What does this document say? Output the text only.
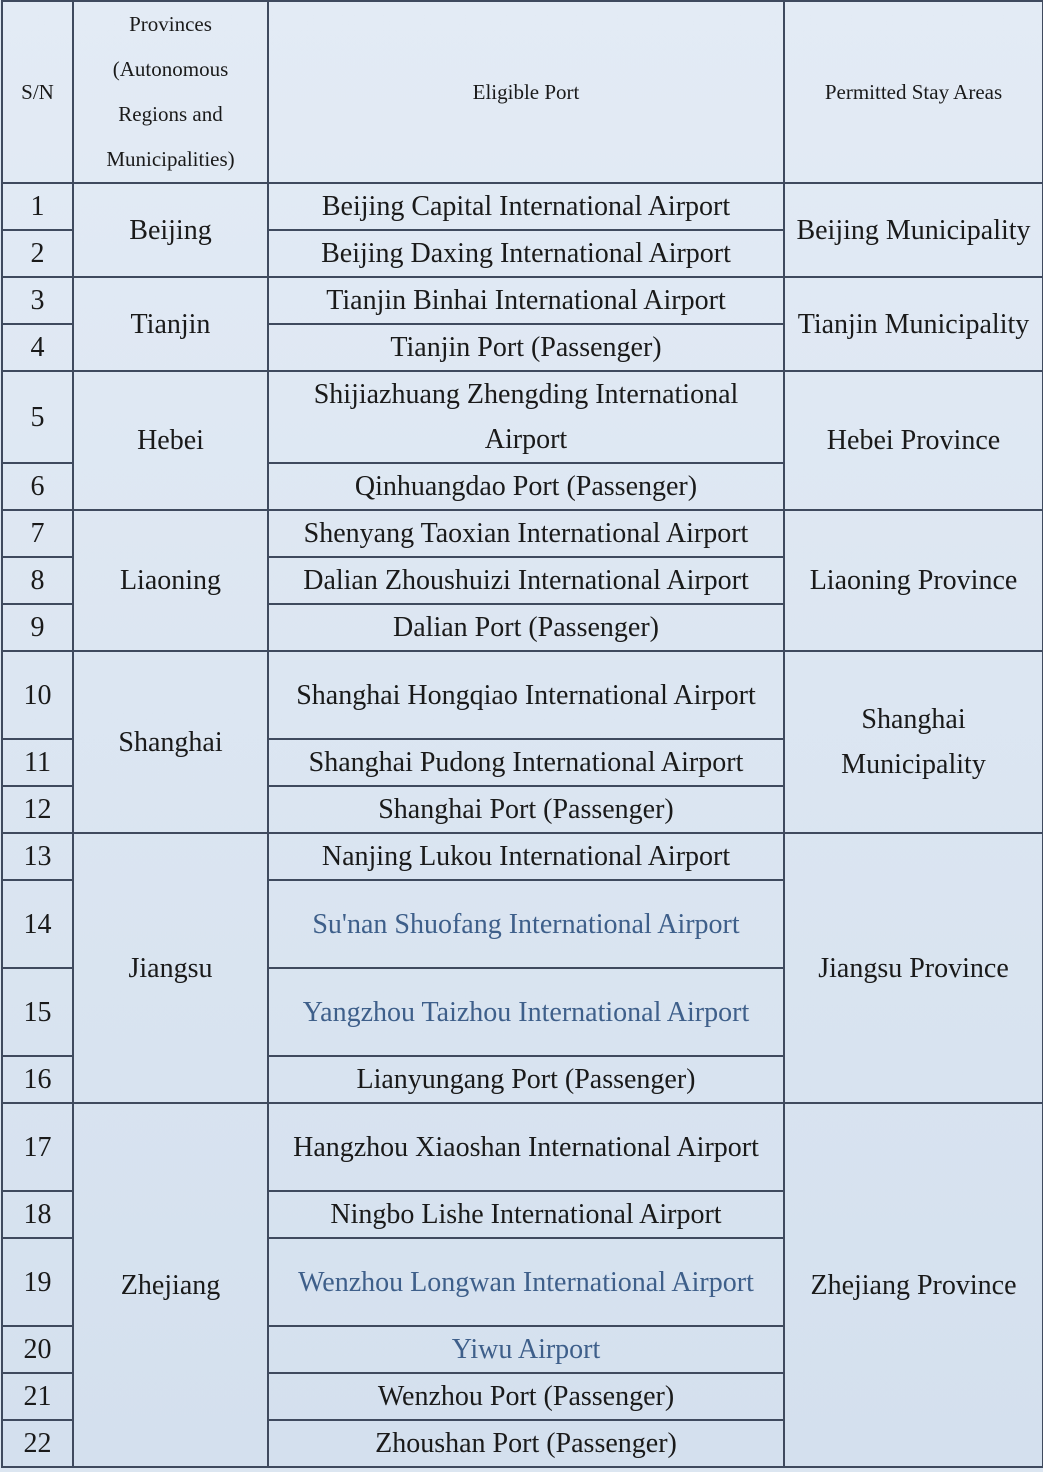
S/N	Provinces (Autonomous Regions and Municipalities)	Eligible Port	Permitted Stay Areas
1	Beijing	Beijing Capital International Airport	Beijing Municipality
2		Beijing Daxing International Airport	
3	Tianjin	Tianjin Binhai International Airport	Tianjin Municipality
4		Tianjin Port (Passenger)	
5	Hebei	Shijiazhuang Zhengding International Airport	Hebei Province
6		Qinhuangdao Port (Passenger)	
7	Liaoning	Shenyang Taoxian International Airport	Liaoning Province
8		Dalian Zhoushuizi International Airport	
9		Dalian Port (Passenger)	
10	Shanghai	Shanghai Hongqiao International Airport	Shanghai Municipality
11		Shanghai Pudong International Airport	
12		Shanghai Port (Passenger)	
13	Jiangsu	Nanjing Lukou International Airport	Jiangsu Province
14		Su'nan Shuofang International Airport	
15		Yangzhou Taizhou International Airport	
16		Lianyungang Port (Passenger)	
17	Zhejiang	Hangzhou Xiaoshan International Airport	Zhejiang Province
18		Ningbo Lishe International Airport	
19		Wenzhou Longwan International Airport	
20		Yiwu Airport	
21		Wenzhou Port (Passenger)	
22		Zhoushan Port (Passenger)	
